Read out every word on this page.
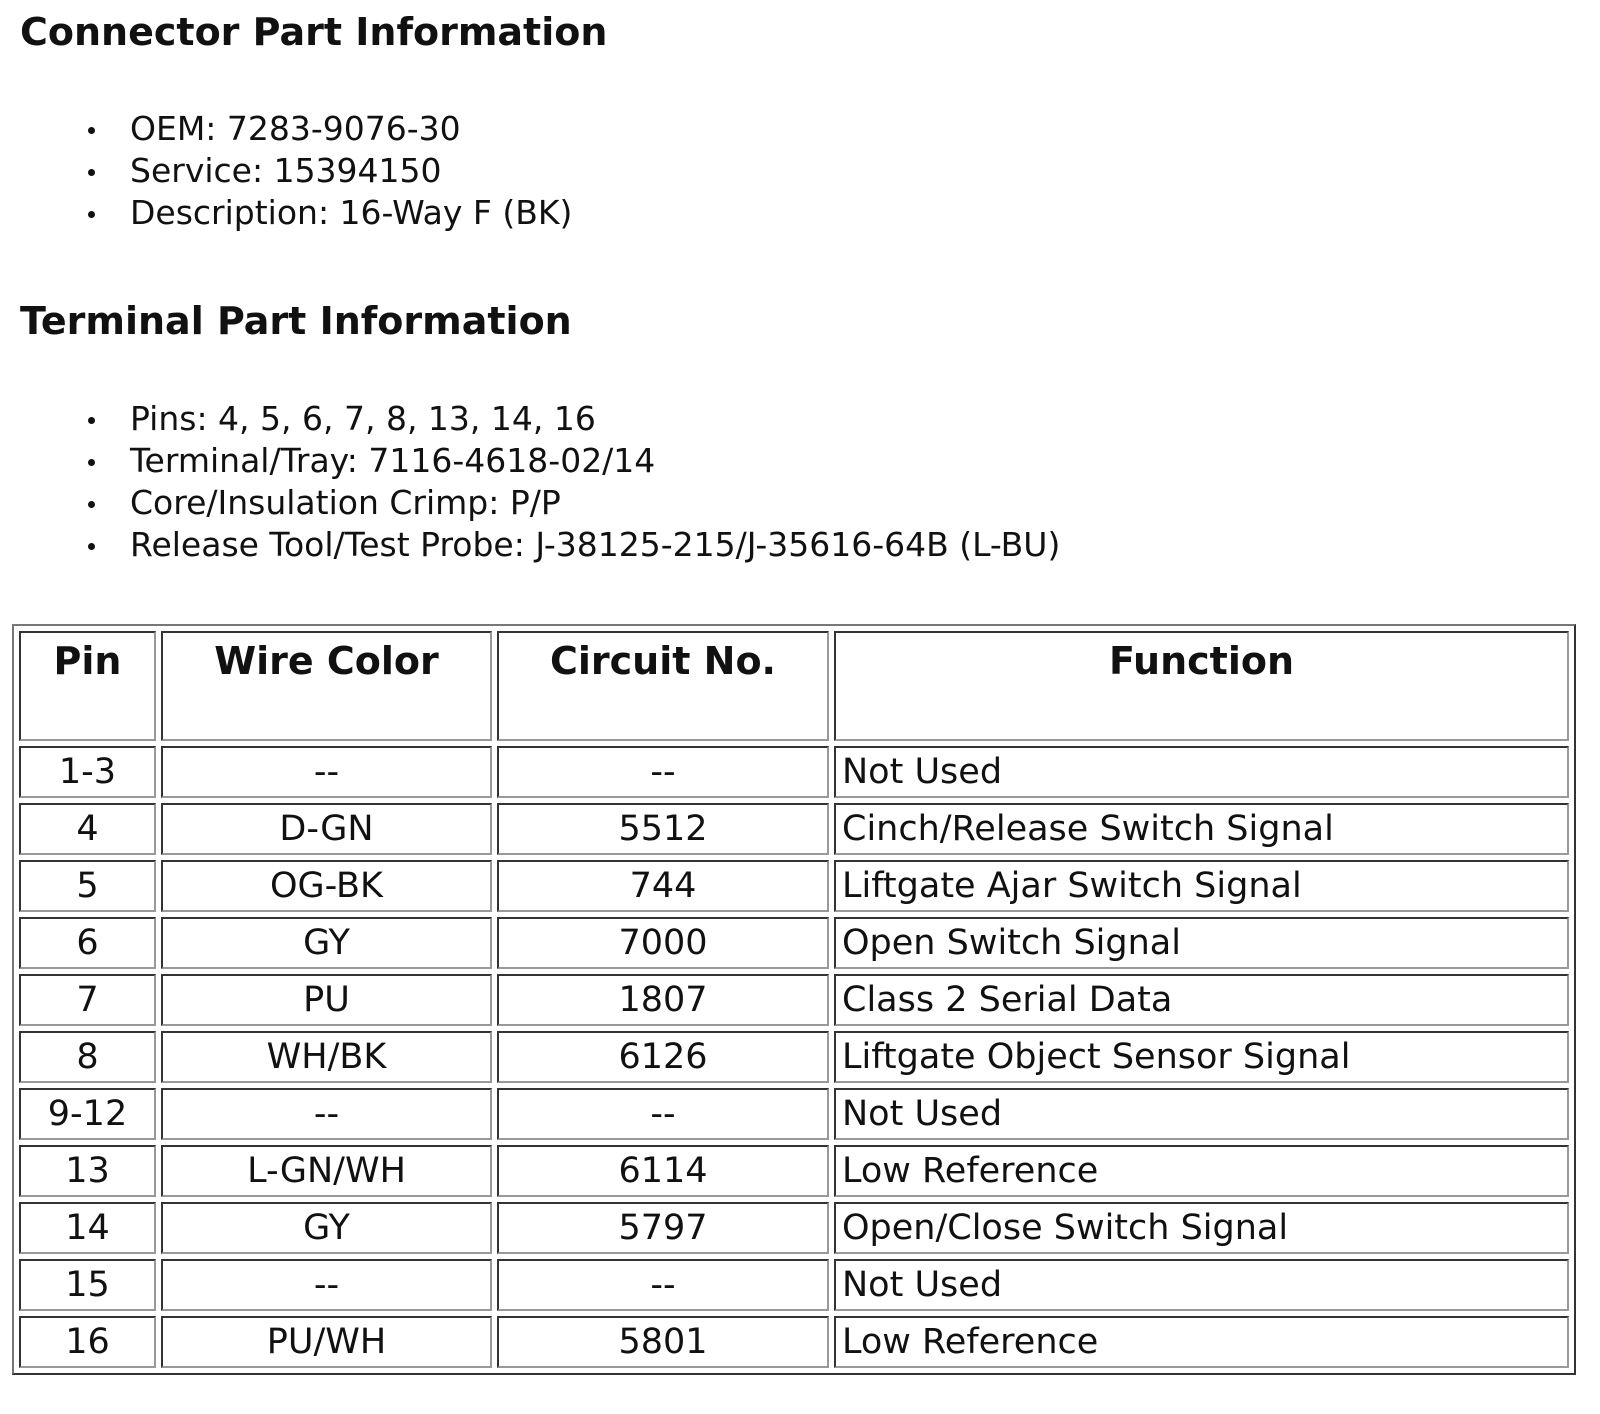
Connector Part Information
OEM: 7283-9076-30
Service: 15394150
Description: 16-Way F (BK)
Terminal Part Information
Pins: 4, 5, 6, 7, 8, 13, 14, 16
Terminal/Tray: 7116-4618-02/14
Core/Insulation Crimp: P/P
Release Tool/Test Probe: J-38125-215/J-35616-64B (L-BU)
Pin	Wire Color	Circuit No.	Function
1-3	--	--	Not Used
4	D-GN	5512	Cinch/Release Switch Signal
5	OG-BK	744	Liftgate Ajar Switch Signal
6	GY	7000	Open Switch Signal
7	PU	1807	Class 2 Serial Data
8	WH/BK	6126	Liftgate Object Sensor Signal
9-12	--	--	Not Used
13	L-GN/WH	6114	Low Reference
14	GY	5797	Open/Close Switch Signal
15	--	--	Not Used
16	PU/WH	5801	Low Reference
